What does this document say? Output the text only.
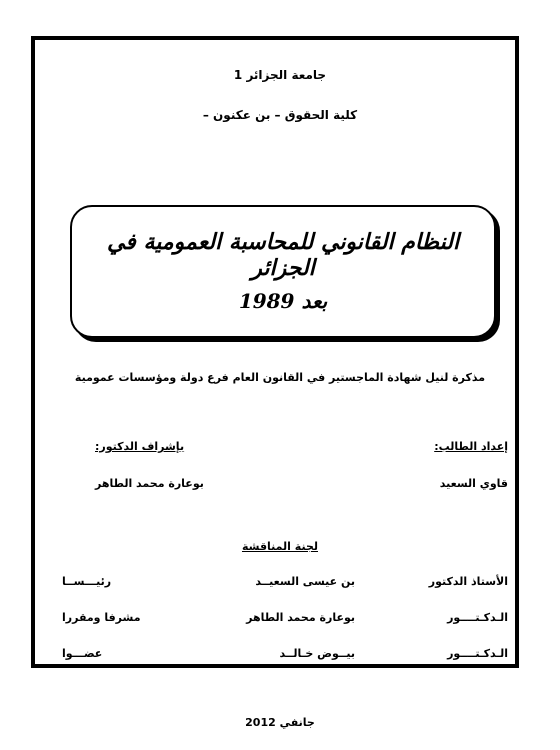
جامعة الجزائر 1
كلية الحقوق – بن عكنون –
النظام القانوني للمحاسبة العمومية في الجزائر
بعد 1989
مذكرة لنيل شهادة الماجستير في القانون العام فرع دولة ومؤسسات عمومية
إعداد الطالب:
قاوي السعيد
بإشراف الدكتور:
بوعارة محمد الطاهر
لجنة المناقشة
الأستاذ الدكتور
بن عيسى السعيــد
رئيـــســا
الـدكـتــــور
بوعارة محمد الطاهر
مشرفا ومقررا
الـدكـتــــور
بيــوض خـالــد
عضـــوا
جانفي 2012
